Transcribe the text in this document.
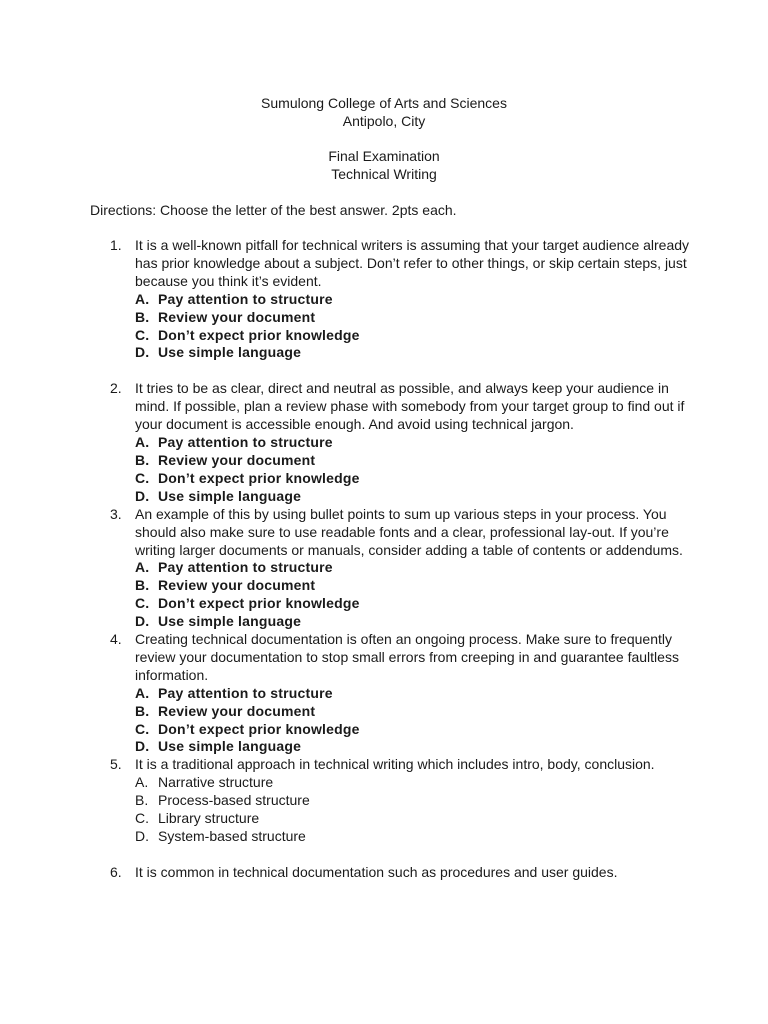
Sumulong College of Arts and Sciences
Antipolo, City
Final Examination
Technical Writing
Directions: Choose the letter of the best answer. 2pts each.
1. It is a well-known pitfall for technical writers is assuming that your target audience already has prior knowledge about a subject. Don’t refer to other things, or skip certain steps, just because you think it’s evident.
A. Pay attention to structure
B. Review your document
C. Don’t expect prior knowledge
D. Use simple language
2. It tries to be as clear, direct and neutral as possible, and always keep your audience in mind. If possible, plan a review phase with somebody from your target group to find out if your document is accessible enough. And avoid using technical jargon.
A. Pay attention to structure
B. Review your document
C. Don’t expect prior knowledge
D. Use simple language
3. An example of this by using bullet points to sum up various steps in your process. You should also make sure to use readable fonts and a clear, professional lay-out. If you’re writing larger documents or manuals, consider adding a table of contents or addendums.
A. Pay attention to structure
B. Review your document
C. Don’t expect prior knowledge
D. Use simple language
4. Creating technical documentation is often an ongoing process. Make sure to frequently review your documentation to stop small errors from creeping in and guarantee faultless information.
A. Pay attention to structure
B. Review your document
C. Don’t expect prior knowledge
D. Use simple language
5. It is a traditional approach in technical writing which includes intro, body, conclusion.
A. Narrative structure
B. Process-based structure
C. Library structure
D. System-based structure
6. It is common in technical documentation such as procedures and user guides.
